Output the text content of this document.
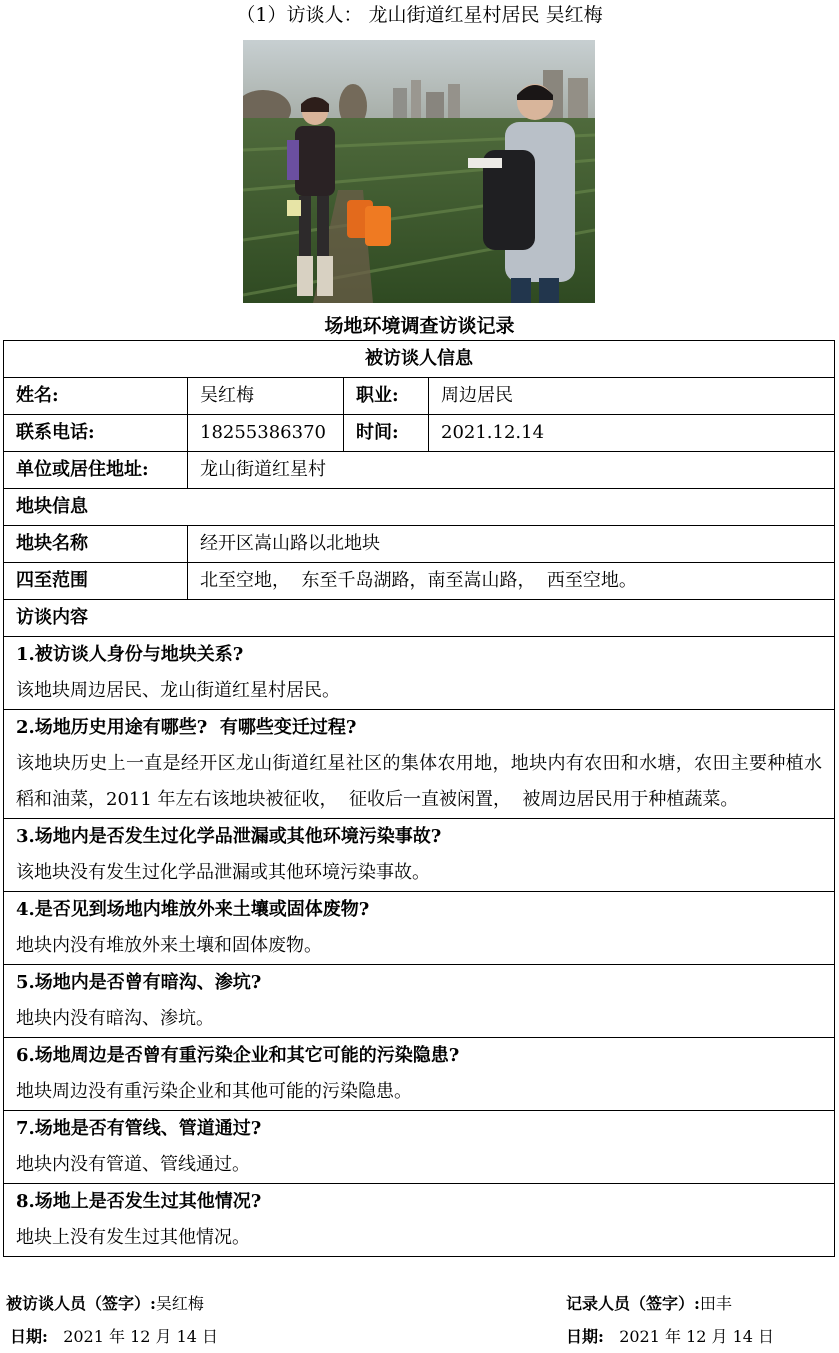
（1）访谈人： 龙山街道红星村居民 吴红梅
场地环境调查访谈记录
被访谈人信息			
姓名:	吴红梅	职业:	周边居民
联系电话:	18255386370	时间:	2021.12.14
单位或居住地址:	龙山街道红星村		
地块信息			
地块名称	经开区嵩山路以北地块		
四至范围	北至空地，  东至千岛湖路，南至嵩山路，  西至空地。		
访谈内容			

1.被访谈人身份与地块关系?
该地块周边居民、龙山街道红星村居民。			

2.场地历史用途有哪些?  有哪些变迁过程?
该地块历史上一直是经开区龙山街道红星社区的集体农用地，地块内有农田和水塘，农田主要种植水稻和油菜，2011 年左右该地块被征收，  征收后一直被闲置，  被周边居民用于种植蔬菜。			

3.场地内是否发生过化学品泄漏或其他环境污染事故?
该地块没有发生过化学品泄漏或其他环境污染事故。			

4.是否见到场地内堆放外来土壤或固体废物?
地块内没有堆放外来土壤和固体废物。			

5.场地内是否曾有暗沟、渗坑?
地块内没有暗沟、渗坑。			

6.场地周边是否曾有重污染企业和其它可能的污染隐患?
地块周边没有重污染企业和其他可能的污染隐患。			

7.场地是否有管线、管道通过?
地块内没有管道、管线通过。			

8.场地上是否发生过其他情况?
地块上没有发生过其他情况。			
被访谈人员（签字）:吴红梅	记录人员（签字）:田丰
日期: 2021 年 12 月 14 日	日期: 2021 年 12 月 14 日
